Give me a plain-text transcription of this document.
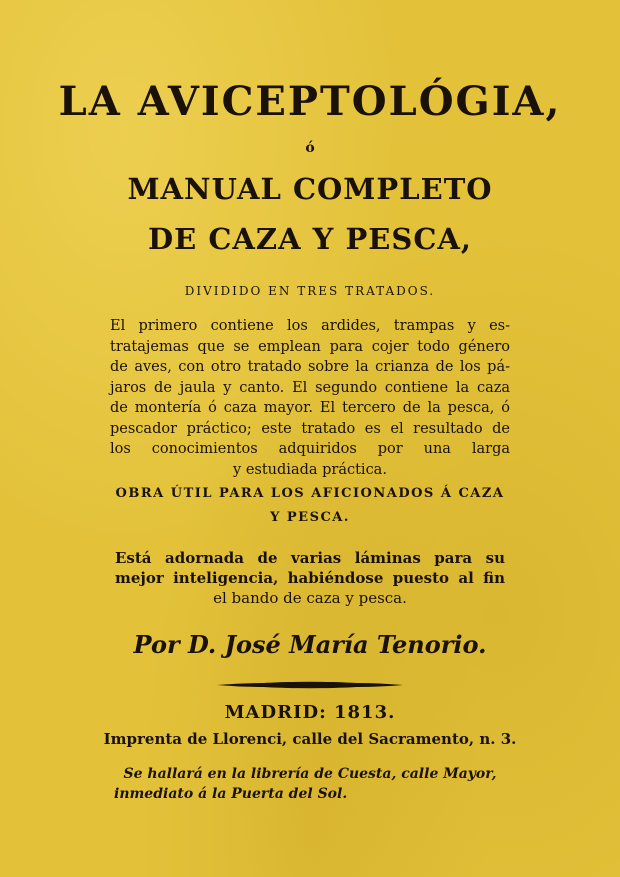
LA AVICEPTOLÓGIA,
ó
MANUAL COMPLETO
DE CAZA Y PESCA,
DIVIDIDO EN TRES TRATADOS.
El primero contiene los ardides, trampas y es-
tratajemas que se emplean para cojer todo género
de aves, con otro tratado sobre la crianza de los pá-
jaros de jaula y canto. El segundo contiene la caza
de montería ó caza mayor. El tercero de la pesca, ó
pescador práctico; este tratado es el resultado de
los conocimientos adquiridos por una larga
y estudiada práctica.
OBRA ÚTIL PARA LOS AFICIONADOS Á CAZA
Y PESCA.
Está adornada de varias láminas para su
mejor inteligencia, habiéndose puesto al fin
el bando de caza y pesca.
Por D. José María Tenorio.
MADRID: 1813.
Imprenta de Llorenci, calle del Sacramento, n. 3.
Se hallará en la librería de Cuesta, calle Mayor,
inmediato á la Puerta del Sol.
